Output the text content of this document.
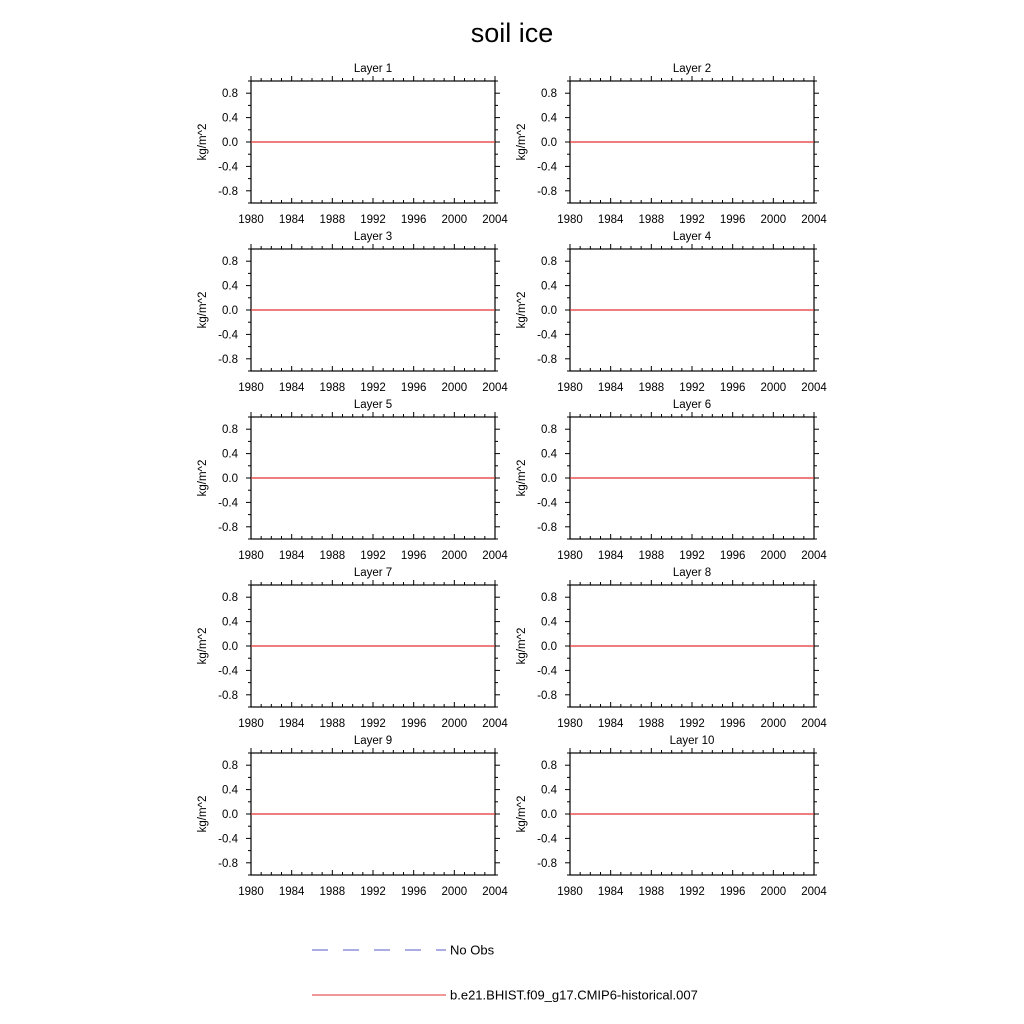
soil ice
Layer 1
kg/m^2
1980 1984 1988 1992 1996 2000 2004
0.8
0.4
0.0
-0.4
-0.8
Layer 2
kg/m^2
1980 1984 1988 1992 1996 2000 2004
0.8
0.4
0.0
-0.4
-0.8
Layer 3
kg/m^2
1980 1984 1988 1992 1996 2000 2004
0.8
0.4
0.0
-0.4
-0.8
Layer 4
kg/m^2
1980 1984 1988 1992 1996 2000 2004
0.8
0.4
0.0
-0.4
-0.8
Layer 5
kg/m^2
1980 1984 1988 1992 1996 2000 2004
0.8
0.4
0.0
-0.4
-0.8
Layer 6
kg/m^2
1980 1984 1988 1992 1996 2000 2004
0.8
0.4
0.0
-0.4
-0.8
Layer 7
kg/m^2
1980 1984 1988 1992 1996 2000 2004
0.8
0.4
0.0
-0.4
-0.8
Layer 8
kg/m^2
1980 1984 1988 1992 1996 2000 2004
0.8
0.4
0.0
-0.4
-0.8
Layer 9
kg/m^2
1980 1984 1988 1992 1996 2000 2004
0.8
0.4
0.0
-0.4
-0.8
Layer 10
kg/m^2
1980 1984 1988 1992 1996 2000 2004
0.8
0.4
0.0
-0.4
-0.8
No Obs
b.e21.BHIST.f09_g17.CMIP6-historical.007
